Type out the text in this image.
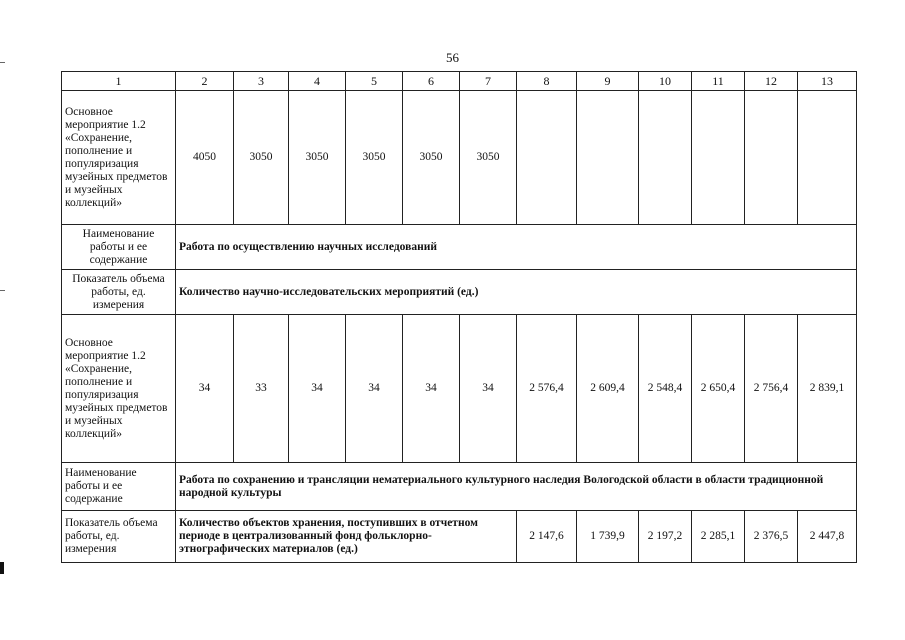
56
1	2	3	4	5	6	7	8	9	10	11	12	13
Основное мероприятие 1.2 «Сохранение, пополнение и популяризация музейных предметов и музейных коллекций»	4050	3050	3050	3050	3050	3050						
Наименование работы и ее содержание	Работа по осуществлению научных исследований											
Показатель объема работы, ед. измерения	Количество научно-исследовательских мероприятий (ед.)											
Основное мероприятие 1.2 «Сохранение, пополнение и популяризация музейных предметов и музейных коллекций»	34	33	34	34	34	34	2 576,4	2 609,4	2 548,4	2 650,4	2 756,4	2 839,1
Наименование работы и ее содержание	Работа по сохранению и трансляции нематериального культурного наследия Вологодской области в области традиционной народной культуры											
Показатель объема работы, ед. измерения	Количество объектов хранения, поступивших в отчетном периоде в централизованный фонд фольклорно-этнографических материалов (ед.)						2 147,6	1 739,9	2 197,2	2 285,1	2 376,5	2 447,8
